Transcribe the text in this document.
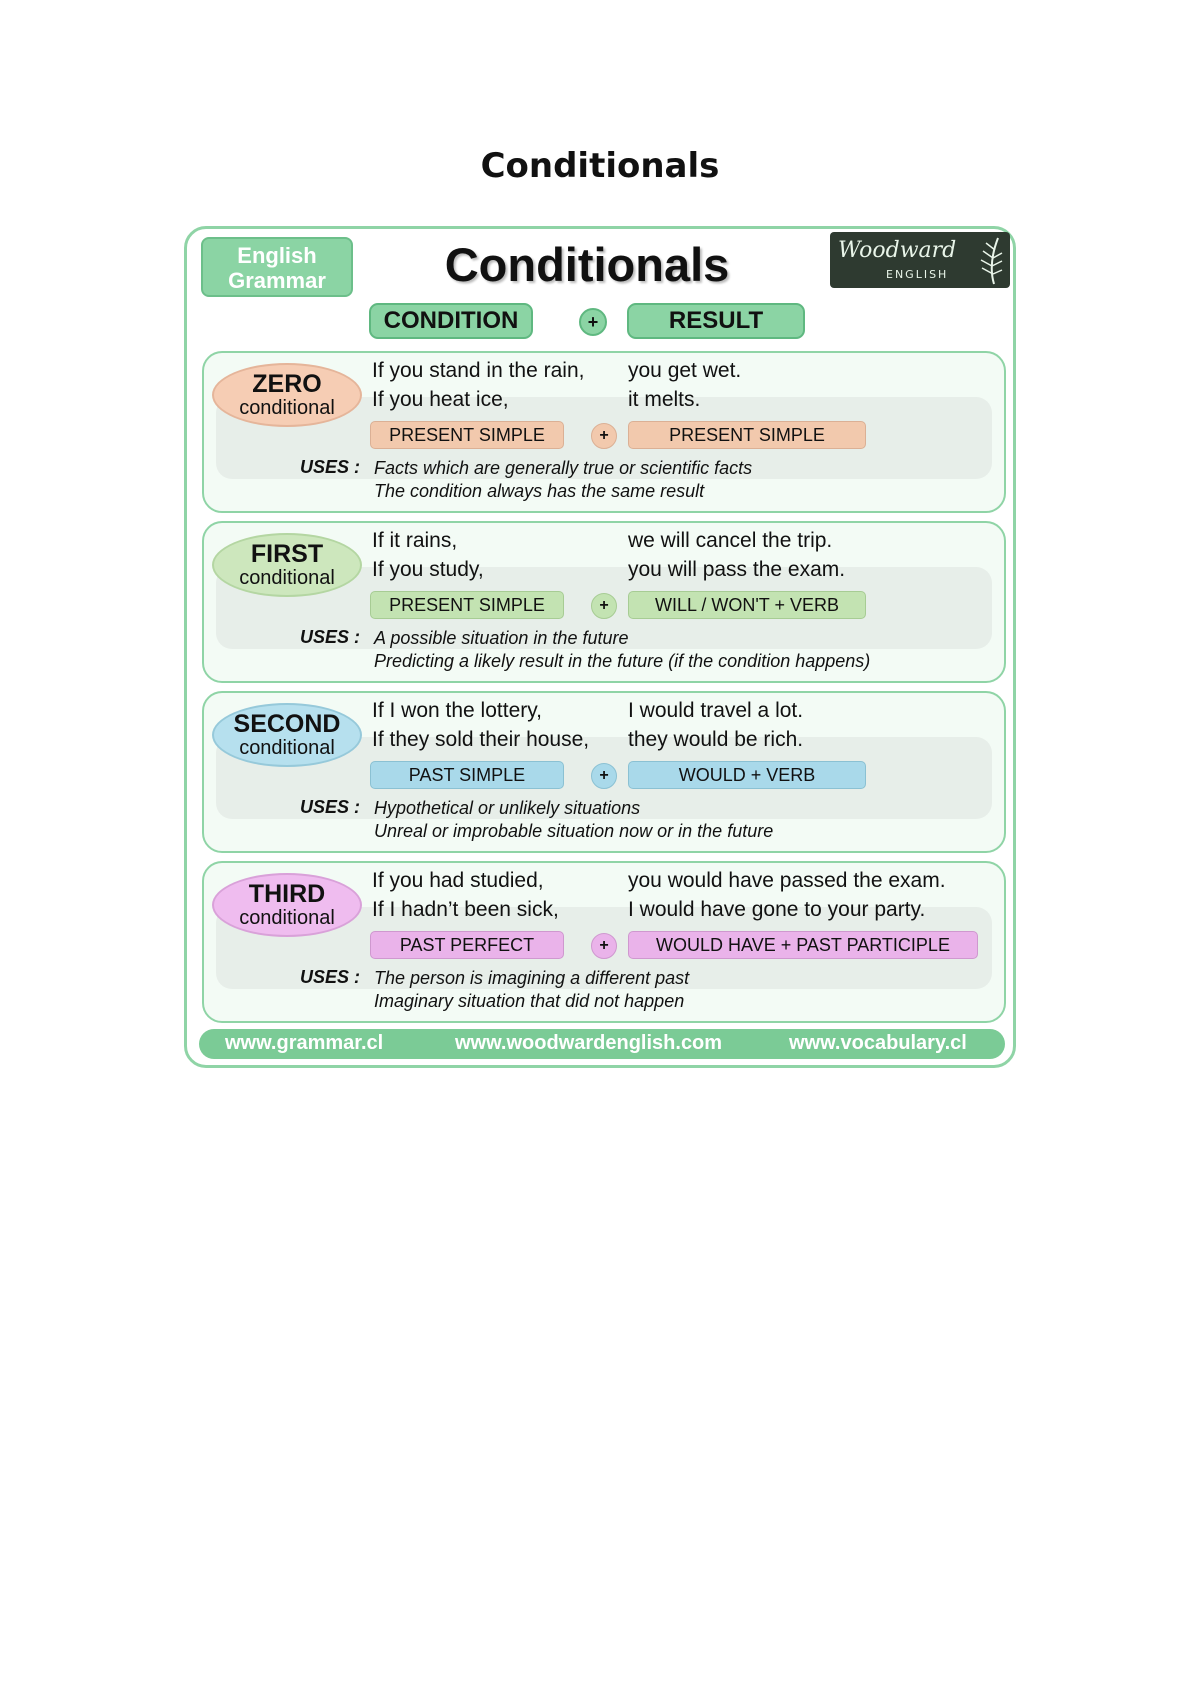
Conditionals
English
Grammar	Conditionals	Woodward
ENGLISH
CONDITION	+	RESULT
ZERO
conditional
If you stand in the rain, you get wet.
If you heat ice,	it melts.
PRESENT SIMPLE	+	PRESENT SIMPLE
USES : Facts which are generally true or scientific facts
The condition always has the same result
FIRST
conditional
If it rains,	we will cancel the trip.
If you study,	you will pass the exam.
PRESENT SIMPLE	+	WILL / WON'T + VERB
USES : A possible situation in the future
Predicting a likely result in the future (if the condition happens)
SECOND
conditional
If I won the lottery,	I would travel a lot.
If they sold their house, they would be rich.
PAST SIMPLE	+	WOULD + VERB
USES : Hypothetical or unlikely situations
Unreal or improbable situation now or in the future
THIRD
conditional
If you had studied,	you would have passed the exam.
If I hadn’t been sick,	I would have gone to your party.
PAST PERFECT	+	WOULD HAVE + PAST PARTICIPLE
USES : The person is imagining a different past
Imaginary situation that did not happen
www.grammar.cl	www.woodwardenglish.com	www.vocabulary.cl
